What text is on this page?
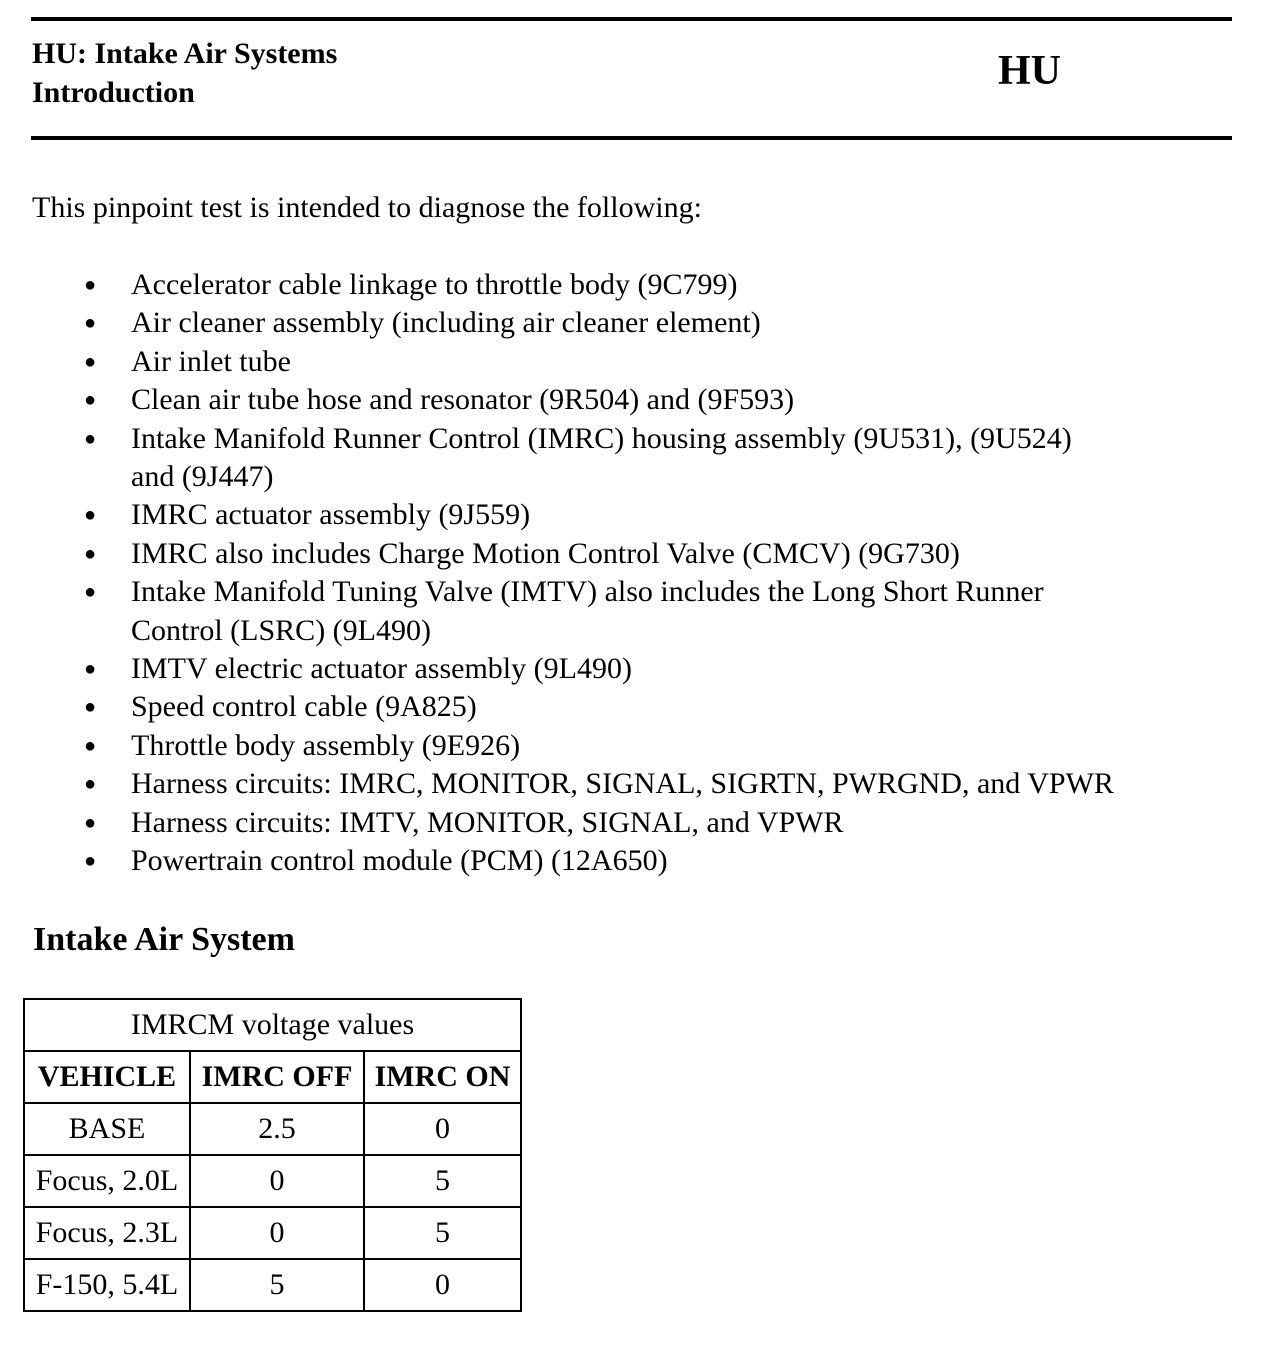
HU: Intake Air Systems
Introduction	HU
This pinpoint test is intended to diagnose the following:
● Accelerator cable linkage to throttle body (9C799)
● Air cleaner assembly (including air cleaner element)
● Air inlet tube
● Clean air tube hose and resonator (9R504) and (9F593)
● Intake Manifold Runner Control (IMRC) housing assembly (9U531), (9U524)
and (9J447)
● IMRC actuator assembly (9J559)
● IMRC also includes Charge Motion Control Valve (CMCV) (9G730)
● Intake Manifold Tuning Valve (IMTV) also includes the Long Short Runner
Control (LSRC) (9L490)
● IMTV electric actuator assembly (9L490)
● Speed control cable (9A825)
● Throttle body assembly (9E926)
● Harness circuits: IMRC, MONITOR, SIGNAL, SIGRTN, PWRGND, and VPWR
● Harness circuits: IMTV, MONITOR, SIGNAL, and VPWR
● Powertrain control module (PCM) (12A650)
Intake Air System
IMRCM voltage values		
VEHICLE	IMRC OFF	IMRC ON
BASE	2.5	0
Focus, 2.0L	0	5
Focus, 2.3L	0	5
F-150, 5.4L	5	0
